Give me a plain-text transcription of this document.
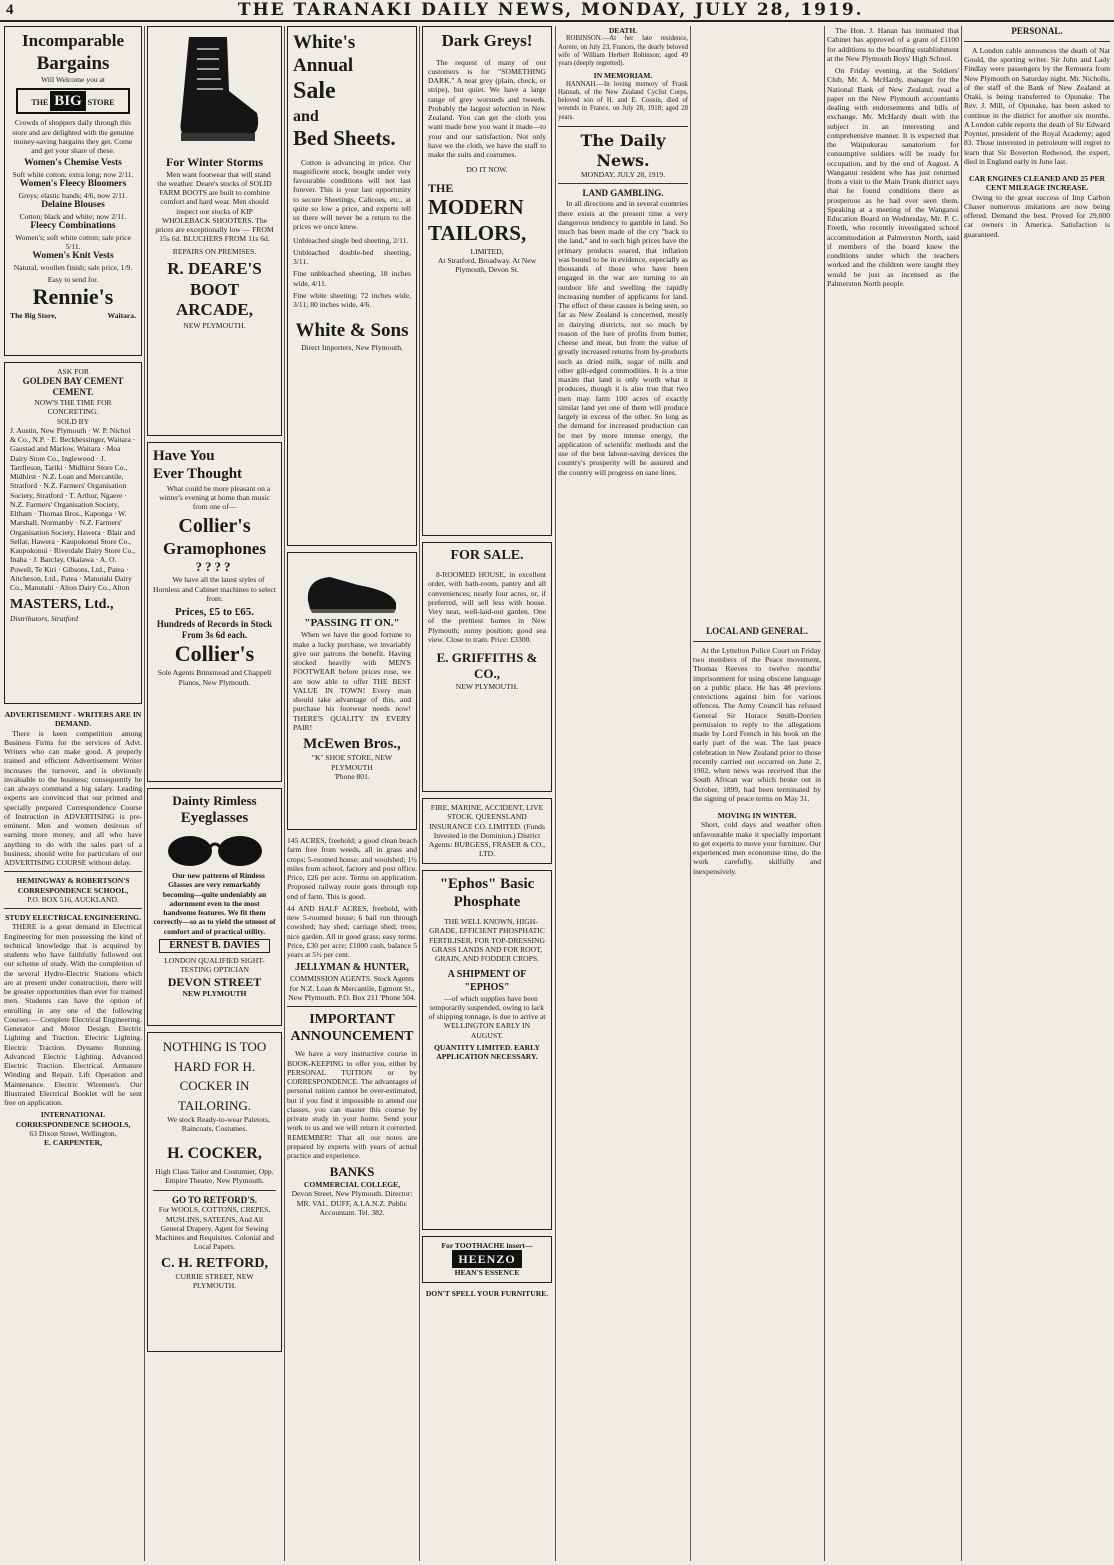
4	THE TARANAKI DAILY NEWS, MONDAY, JULY 28, 1919.
Incomparable
Bargains
Will Welcome you at
THE BIG STORE

Crowds of shoppers daily through this store and are delighted with the genuine money-saving bargains they get. Come and get your share of these.

Women's Chemise Vests
Soft white cotton; extra long; now 2/11.
Women's Fleecy Bloomers
Greys; elastic bands; 4/6, now 2/11.
Delaine Blouses
Cotton; black and white; now 2/11.
Fleecy Combinations
Women's; soft white cotton; sale price 5/11.
Women's Knit Vests
Natural, woollen finish; sale price, 1/9.
Easy to send for.
Rennie's
The Big Store,	Waitara.
ASK FOR
GOLDEN BAY CEMENT CEMENT.
NOW'S THE TIME FOR CONCRETING.
SOLD BY
J. Austin, New Plymouth · W. P. Nichol & Co., N.P. · E. Beckbessinger, Waitara · Gaustad and Marlow, Waitara · Moa Dairy Store Co., Inglewood · J. Tarrlleson, Tariki · Midhirst Store Co., Midhirst · N.Z. Loan and Mercantile, Stratford · N.Z. Farmers' Organisation Society, Stratford · T. Arthur, Ngaere · N.Z. Farmers' Organisation Society, Eltham · Thomas Bros., Kaponga · W. Marshall, Normanby · N.Z. Farmers' Organisation Society, Hawera · Blair and Sellar, Hawera · Kaupokonui Store Co., Kaupokonui · Riverdale Dairy Store Co., Inaha · J. Barclay, Okaiawa · A. O. Powell, Te Kiri · Gibsons, Ltd., Patea · Aitcheson, Ltd., Patea · Manutahi Dairy Co., Manutahi · Alton Dairy Co., Alton
MASTERS, Ltd.,
Distributors, Stratford
ADVERTISEMENT - WRITERS ARE IN DEMAND.

There is keen competition among Business Firms for the services of Advt. Writers who can make good. A properly trained and efficient Advertisement Writer increases the turnover, and is obviously invaluable to the business; consequently he can always command a big salary. Leading experts are convinced that our printed and specially prepared Correspondence Course of Instruction in ADVERTISING is pre-eminent. Men and women desirous of earning more money, and all who have anything to do with the sales part of a business, should write for particulars of our ADVERTISING COURSE without delay.

HEMINGWAY & ROBERTSON'S CORRESPONDENCE SCHOOL,
P.O. BOX 516, AUCKLAND.
STUDY ELECTRICAL ENGINEERING.

THERE is a great demand in Electrical Engineering for men possessing the kind of technical knowledge that is acquired by students who have faithfully followed out our scheme of study. With the completion of the several Hydro-Electric Stations which are at present under construction, there will be greater opportunities than ever for trained men. Students can have the option of enrolling in any one of the following Courses:— Complete Electrical Engineering. Generator and Motor Design. Electric Lighting and Traction. Electric Lighting. Electric Traction. Dynamo Running. Advanced Electric Lighting. Advanced Electric Traction. Electrical. Armature Winding and Repair. Lift Operation and Maintenance. Electric Wiremen's. Our Illustrated Electrical Booklet will be sent free on application.

INTERNATIONAL CORRESPONDENCE SCHOOLS,
63 Dixon Street, Wellington,
E. CARPENTER,
For Winter Storms

Men want footwear that will stand the weather. Deare's stocks of SOLID FARM BOOTS are built to combine comfort and hard wear. Men should inspect our stocks of KIP WHOLEBACK SHOOTERS. The prices are exceptionally low — FROM 15s 6d. BLUCHERS FROM 11s 6d.

REPAIRS ON PREMISES.
R. DEARE'S
BOOT
ARCADE,
NEW PLYMOUTH.
Have You
Ever Thought

What could be more pleasant on a winter's evening at home than music from one of—

Collier's
Gramophones
????

We have all the latest styles of Hornless and Cabinet machines to select from.

Prices, £5 to £65.
Hundreds of Records in Stock From 3s 6d each.
Collier's
Sole Agents Brinsmead and Chappell Pianos, New Plymouth.
Dainty Rimless
Eyeglasses

Our new patterns of Rimless Glasses are very remarkably becoming—quite undeniably an adornment even to the most handsome features. We fit them correctly—so as to yield the utmost of comfort and of practical utility.

ERNEST B. DAVIES
LONDON QUALIFIED SIGHT-TESTING OPTICIAN
DEVON STREET
NEW PLYMOUTH
NOTHING IS TOO HARD FOR H. COCKER IN TAILORING.

We stock Ready-to-wear Paletots, Raincoats, Costumes.

H. COCKER,
High Class Tailor and Costumier, Opp. Empire Theatre, New Plymouth.
GO TO RETFORD'S.
For WOOLS, COTTONS, CREPES, MUSLINS, SATEENS, And All General Drapery. Agent for Sewing Machines and Requisites. Colonial and Local Papers.
C. H. RETFORD,
CURRIE STREET, NEW PLYMOUTH.
White's
Annual
Sale
and
Bed Sheets.

Cotton is advancing in price. Our magnificent stock, bought under very favourable conditions will not last forever. This is your last opportunity to secure Sheetings, Calicoes, etc., at quite so low a price, and experts tell us there will never be a return to the prices we once knew.

Unbleached single bed sheeting, 2/11.

Unbleached double-bed sheeting, 3/11.

Fine unbleached sheeting, 18 inches wide, 4/11.

Fine white sheeting; 72 inches wide, 3/11; 80 inches wide, 4/6.

White & Sons
Direct Importers, New Plymouth.
"PASSING IT ON."

When we have the good fortune to make a lucky purchase, we invariably give our patrons the benefit. Having stocked heavily with MEN'S FOOTWEAR before prices rose, we are now able to offer THE BEST VALUE IN TOWN! Every man should take advantage of this, and purchase his footwear needs now! THERE'S QUALITY IN EVERY PAIR!

McEwen Bros.,
"K" SHOE STORE, NEW PLYMOUTH
'Phone 801.

145 ACRES, freehold; a good clean beach farm free from weeds, all in grass and crops; 5-roomed house; and woolshed; 1½ miles from school, factory and post office. Price, £26 per acre. Terms on application. Proposed railway route goes through top end of farm. This is good.

44 AND HALF ACRES, freehold, with new 5-roomed house; 6 bail run through cowshed; hay shed; carriage shed; trees; nice garden. All in good grass; easy terms. Price, £30 per acre; £1000 cash, balance 5 years at 5½ per cent.

JELLYMAN & HUNTER,
COMMISSION AGENTS. Stock Agents for N.Z. Loan & Mercantile, Egmont St., New Plymouth. P.O. Box 211 'Phone 504.
IMPORTANT ANNOUNCEMENT

We have a very instructive course in BOOK-KEEPING to offer you, either by PERSONAL TUITION or by CORRESPONDENCE. The advantages of personal tuition cannot be over-estimated, but if you find it impossible to attend our classes, you can master this course by private study in your home. Send your work to us and we will return it corrected. REMEMBER! That all our notes are prepared by experts with years of actual practice and experience.

BANKS
COMMERCIAL COLLEGE,
Devon Street, New Plymouth. Director: MR. VAL. DUFF, A.I.A.N.Z. Public Accountant. Tel. 382.
Dark Greys!

The request of many of our customers is for "SOMETHING DARK." A neat grey (plain, check, or stripe), but quiet. We have a large range of grey worsteds and tweeds. Probably the largest selection in New Zealand. You can get the cloth you want made how you want it made—to your and our satisfaction. Not only have we the cloth, we have the staff to make the suits and costumes.

DO IT NOW.
THE
MODERN
TAILORS,
LIMITED,
At Stratford, Broadway. At New Plymouth, Devon St.
FOR SALE.

8-ROOMED HOUSE, in excellent order, with bath-room, pantry and all conveniences; nearly four acres, or, if preferred, will sell less with house. Very neat, well-laid-out garden. One of the prettiest homes in New Plymouth; sunny position; good sea view. Close to tram. Price: £3300.

E. GRIFFITHS & CO.,
NEW PLYMOUTH.
FIRE, MARINE, ACCIDENT, LIVE STOCK. QUEENSLAND INSURANCE CO. LIMITED. (Funds Invested in the Dominion.) District Agents: BURGESS, FRASER & CO., LTD.
"Ephos" Basic Phosphate

THE WELL KNOWN, HIGH-GRADE, EFFICIENT PHOSPHATIC FERTILISER, FOR TOP-DRESSING GRASS LANDS AND FOR ROOT, GRAIN, AND FODDER CROPS.

A SHIPMENT OF "EPHOS"

—of which supplies have been temporarily suspended, owing to lack of shipping tonnage, is due to arrive at WELLINGTON EARLY IN AUGUST.

QUANTITY LIMITED. EARLY APPLICATION NECESSARY.
For TOOTHACHE insert—
HEENZO
HEAN'S ESSENCE
DON'T SPELL YOUR FURNITURE.
DEATH.

ROBINSON.—At her late residence, Aorere, on July 23, Frances, the dearly beloved wife of William Herbert Robinson; aged 49 years (deeply regretted).

IN MEMORIAM.

HANNAH.—In loving memory of Frank Hannah, of the New Zealand Cyclist Corps, beloved son of H. and E. Cousin, died of wounds in France, on July 28, 1918; aged 28 years.

The Daily News.
MONDAY, JULY 28, 1919.
LAND GAMBLING.

In all directions and in several countries there exists at the present time a very dangerous tendency to gamble in land. So much has been made of the cry "back to the land," and to such high prices have the primary products soared, that inflation was bound to be in evidence, especially as thousands of those who have been engaged in the war are turning to an outdoor life and swelling the rapidly increasing number of applicants for land. The effect of these causes is being seen, so far as New Zealand is concerned, mostly in dairying districts, not so much by reason of the lure of profits from butter, cheese and meat, but from the value of greatly increased returns from by-products such as dried milk, sugar of milk and other gilt-edged commodities. It is a true maxim that land is only worth what it produces, though it is also true that two men may farm 100 acres of exactly similar land yet one of them will produce largely in excess of the other. So long as the demand for increased production can be met by more intense energy, the application of scientific methods and the use of the best labour-saving devices the country's prosperity will be assured and the country will progress on sane lines.

LOCAL AND GENERAL.

At the Lyttelton Police Court on Friday two members of the Peace movement, Thomas Reeves to twelve months' imprisonment for using obscene language on a public place. He has 48 previous convictions against him for various offences. The Army Council has refused General Sir Horace Smith-Dorrien permission to reply to the allegations made by Lord French in his book on the early part of the war. The last peace celebration in New Zealand prior to those recently carried out occurred on June 2, 1902, when news was received that the South African war which broke out in October, 1899, had been terminated by the signing of peace terms on May 31.

MOVING IN WINTER.

Short, cold days and weather often unfavourable make it specially important to get experts to move your furniture. Our experienced men economise time, do the work carefully, skilfully and inexpensively.

The Hon. J. Hanan has intimated that Cabinet has approved of a grant of £1100 for additions to the boarding establishment at the New Plymouth Boys' High School.

On Friday evening, at the Soldiers' Club, Mr. A. McHardy, manager for the National Bank of New Zealand, read a paper on the New Plymouth accountants dealing with endorsements and bills of exchange. Mr. McHardy dealt with the subject in an interesting and comprehensive manner. It is expected that the Waipukurau sanatorium for consumptive soldiers will be ready for occupation, and by the end of August. A Wanganui resident who has just returned from a visit to the Main Trunk district says that he found conditions there as prosperous as he had ever seen them. Speaking at a meeting of the Wanganui Education Board on Wednesday, Mr. P. C. Freeth, who recently investigated school accommodation at Palmerston North, said if members of the board knew the conditions under which the teachers worked and the children were taught they would be just as incensed as the Palmerston North people.

PERSONAL.

A London cable announces the death of Nat Gould, the sporting writer. Sir John and Lady Findlay were passengers by the Remuera from New Plymouth on Saturday night. Mr. Nicholls, of the staff of the Bank of New Zealand at Otaki, is being transferred to Opunake. The Rev. J. Mill, of Opunake, has been asked to continue in the district for another six months. A London cable reports the death of Sir Edward Poynter, president of the Royal Academy; aged 83. Those interested in petroleum will regret to learn that Sir Boverton Redwood, the expert, died in England early in June last.

CAR ENGINES CLEANED AND 25 PER CENT MILEAGE INCREASE.

Owing to the great success of Imp Carbon Chaser numerous imitations are now being offered. Demand the best. Proved for 29,000 car owners in America. Satisfaction is guaranteed.
